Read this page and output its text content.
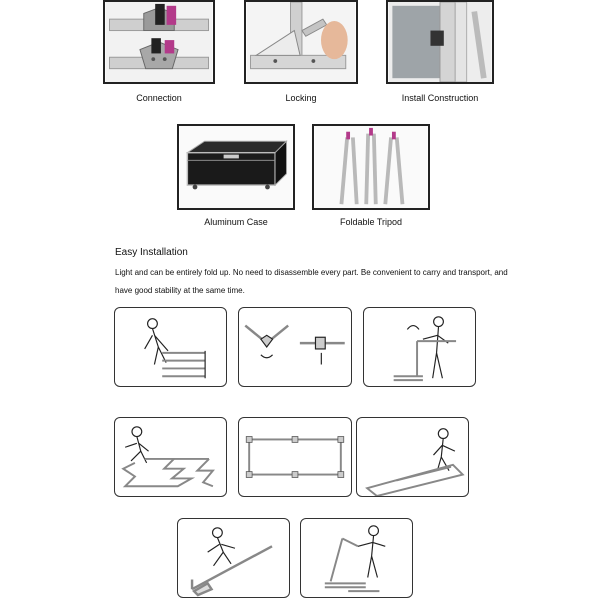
Connection	Locking	Install Construction
Aluminum Case	Foldable Tripod
Easy Installation
Light and can be entirely fold up. No need to disassemble every part. Be convenient to carry and transport, and have good stability at the same time.
